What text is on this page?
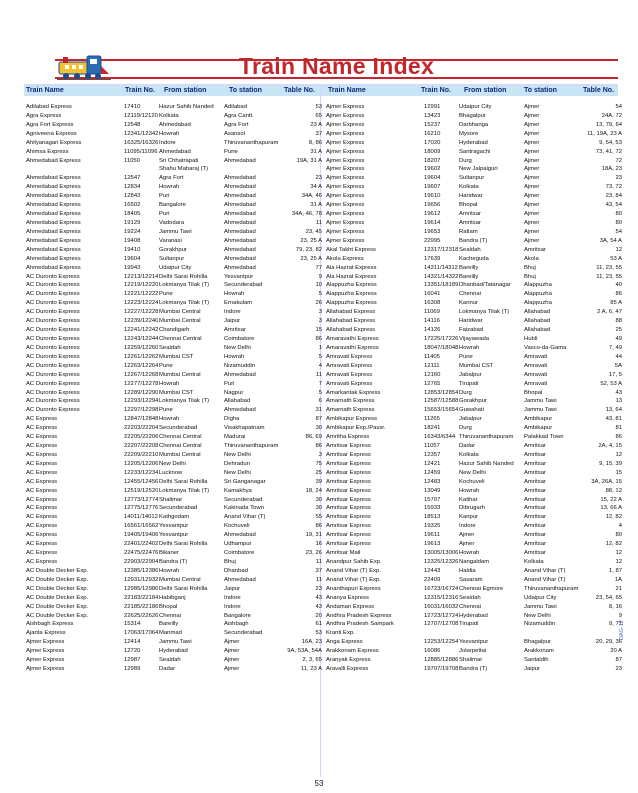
Train Name Index
Train Name	Train No. From station	To station	Table No. Train Name	Train No. From station	To station	Table No.
Adilabad Express	17410	Hazur Sahib Nanded	Adilabad	53
Agra Express	12119/12120 Kolkata	Agra Cantt.	65
Agra Fort Express	12548	Ahmedabad	Agra Fort	23 A
Agniveena Express	12341/12342 Howrah	Asansol	37
Ahilyanagari Express	16325/16326 Indore	Thiruvananthapuram	8, 86
Ahimsa Express	11095/11096 Ahmedabad	Pune	31 A
Ahmedabad Express	11050	Sri Chhatrapati	Ahmedabad	19A, 31 A
Shahu Maharaj (T)
Ahmedabad Express	12547	Agra Fort	Ahmedabad	23
Ahmedabad Express	12834	Howrah	Ahmedabad	34 A
Ahmedabad Express	12843	Puri	Ahmedabad	34A, 46
Ahmedabad Express	16502	Bangalore	Ahmedabad	31 A
Ahmedabad Express	18405	Puri	Ahmedabad	34A, 46, 78
Ahmedabad Express	19129	Vadodara	Ahmedabad	11
Ahmedabad Express	19224	Jammu Tawi	Ahmedabad	23, 45
Ahmedabad Express	19408	Varanasi	Ahmedabad	23, 25 A
Ahmedabad Express	19410	Gorakhpur	Ahmedabad	79, 23, 82
Ahmedabad Express	19604	Sultanpur	Ahmedabad	23, 25 A
Ahmedabad Express	19943	Udaipur City	Ahmedabad	77
AC Duronto Express	12213/12214 Delhi Sarai Rohilla	Yesvantpur	9
AC Duronto Express	12219/12220 Lokmanya Tilak (T)	Secunderabad	10
AC Duronto Express	12221/12222 Pune	Howrah	5
AC Duronto Express	12223/12224 Lokmanya Tilak (T)	Ernakulam	26
AC Duronto Express	12227/12228 Mumbai Central	Indore	3
AC Duronto Express	12239/12240 Mumbai Central	Jaipur	3
AC Duronto Express	12241/12242 Chandigarh	Amritsar	15
AC Duronto Express	12243/12244 Chennai Central	Coimbatore	86
AC Duronto Express	12259/12260 Sealdah	New Delhi	1
AC Duronto Express	12261/12262 Mumbai CST	Howrah	5
AC Duronto Express	12263/12264 Pune	Nizamuddin	4
AC Duronto Express	12267/12268 Mumbai Central	Ahmedabad	11
AC Duronto Express	12277/12278 Howrah	Puri	7
AC Duronto Express	12289/12290 Mumbai CST	Nagpur	5
AC Duronto Express	12293/12294 Lokmanya Tilak (T)	Allahabad	6
AC Duronto Express	12297/12298 Pune	Ahmedabad	31
AC Express	12847/12848 Howrah	Digha	87
AC Express	22203/22204 Secunderabad	Visakhapatnam	30
AC Express	22205/22206 Chennai Central	Madurai	86, 69
AC Express	22207/22208 Chennai Central	Thiruvananthapuram	86
AC Express	22209/22210 Mumbai Central	New Delhi	3
AC Express	12205/12206 New Delhi	Dehradun	75
AC Express	12233/12234 Lucknow	New Delhi	25
AC Express	12455/12456 Delhi Sarai Rohilla	Sri Ganganagar	39
AC Express	12519/12520 Lokmanya Tilak (T)	Kamakhya	18, 24
AC Express	12773/12774 Shalimar	Secunderabad	30
AC Express	12775/12776 Secunderabad	Kakinada Town	30
AC Express	14011/14012 Kathgodam	Anand Vihar (T)	55
AC Express	16561/16562 Yesvantpur	Kochuveli	86
AC Express	19405/19406 Yesvantpur	Ahmedabad	19, 31
AC Express	22401/22402 Delhi Sarai Rohilla	Udhampur	16
AC Express	22475/22476 Bikaner	Coimbatore	23, 26
AC Express	22903/22904 Bandra (T)	Bhuj	11
AC Double Decker Exp.	12385/12386 Howrah	Dhanbad	37
AC Double Decker Exp.	12931/12932 Mumbai Central	Ahmedabad	11
AC Double Decker Exp.	12985/12986 Delhi Sarai Rohilla	Jaipur	23
AC Double Decker Exp.	22183/22184 Habibganj	Indore	43
AC Double Decker Exp.	22185/22186 Bhopal	Indore	43
AC Double Decker Exp.	22625/22626 Chennai	Bangalore	20
Aishbagh Express	15314	Bareilly	Aishbagh	61
Ajanta Express	17063/17064 Manmad	Secunderabad	53
Ajmer Express	12414	Jammu Tawi	Ajmer	16A, 23
Ajmer Express	12720	Hyderabad	Ajmer	9A, 53A, 54A
Ajmer Express	12987	Sealdah	Ajmer	2, 3, 65
Ajmer Express	12989	Dadar	Ajmer	11, 23 A
Ajmer Express	12991	Udaipur City	Ajmer	54
Ajmer Express	13423	Bhagalpur	Ajmer	24A, 72
Ajmer Express	15237	Darbhanga	Ajmer	13, 79, 64
Ajmer Express	16210	Mysore	Ajmer	11, 19A, 23 A
Ajmer Express	17020	Hyderabad	Ajmer	9, 54, 53
Ajmer Express	18009	Santragachi	Ajmer	73, 41, 72
Ajmer Express	18207	Durg	Ajmer	72
Ajmer Express	19602	New Jalpaiguri	Ajmer	18A, 23
Ajmer Express	19604	Sultanpur	Ajmer	23
Ajmer Express	19607	Kolkata	Ajmer	73, 72
Ajmer Express	19610	Haridwar	Ajmer	23, 84
Ajmer Express	19656	Bhopal	Ajmer	43, 54
Ajmer Express	19612	Amritsar	Ajmer	80
Ajmer Express	19614	Amritsar	Ajmer	80
Ajmer Express	19653	Ratlam	Ajmer	54
Ajmer Express	22995	Bandra (T)	Ajmer	3A, 54 A
Akal Takht Express	12317/12318 Sealdah	Amritsar	12
Akola Express	17639	Kacheguda	Akola	53 A
Ala Hazrat Express	14311/14312 Bareilly	Bhuj	11, 23, 55
Ala Hazrat Express	14321/14322 Bareilly	Bhuj	11, 23, 55
Alappuzha Express	13351/18189 Dhanbad/Tatanagar	Alappuzha	40
Alappuzha Express	16041	Chennai	Alappuzha	86
Alappuzha Express	16308	Kannur	Alappuzha	85 A
Allahabad Express	11069	Lokmanya Tilak (T)	Allahabad	2 A, 6, 47
Allahabad Express	14116	Haridwar	Allahabad	88
Allahabad Express	14126	Faizabad	Allahabad	25
Amaravathi Express	17225/17226 Vijayawada	Hubli	49
Amaravathi Express	18047/18048 Howrah	Vasco-da-Gama	7, 49
Amravati Express	11405	Pune	Amravati	44
Amravati Express	12111	Mumbai CST	Amravati	5A
Amravati Express	12160	Jabalpur	Amravati	17, 5
Amravati Express	12765	Tirupati	Amravati	52, 53 A
Amarkantak Express	12853/12854 Durg	Bhopal	43
Amarnath Express	12587/12588 Gorakhpur	Jammu Tawi	13
Amarnath Express	15653/15654 Guwahati	Jammu Tawi	13, 64
Ambikapur Express	11265	Jabalpur	Ambikapur	43, 81
Ambikapur Exp./Passr.	18241	Durg	Ambikapur	81
Amritha Express	16343/6344 Thiruvananthapuram	Palakkad Town	86
Amritsar Express	11057	Dadar	Amritsar	2A, 4, 15
Amritsar Express	12357	Kolkata	Amritsar	12
Amritsar Express	12421	Hazur Sahib Nanded	Amritsar	9, 15, 39
Amritsar Express	12459	New Delhi	Amritsar	15
Amritsar Express	12483	Kochuveli	Amritsar	3A, 26A, 15
Amritsar Express	13049	Howrah	Amritsar	88, 12
Amritsar Express	15707	Katihar	Amritsar	15, 22 A
Amritsar Express	15933	Dibrugarh	Amritsar	13, 66 A
Amritsar Express	18513	Kanpur	Amritsar	12, 82
Amritsar Express	19325	Indore	Amritsar	4
Amritsar Express	19611	Ajmer	Amritsar	80
Amritsar Express	19613	Ajmer	Amritsar	12, 82
Amritsar Mail	13005/13006 Howrah	Amritsar	12
Anandpur Sahib Exp.	12325/12326 Nangaldam	Kolkata	12
Anand Vihar (T) Exp.	12443	Haldia	Anand Vihar (T)	1, 87
Anand Vihar (T) Exp.	22409	Sasaram	Anand Vihar (T)	1A
Ananthapuri Express	16723/16724 Chennai Egmore	Thiruvananthapuram	21
Ananya Express	12315/12316 Sealdah	Udaipur City	23, 54, 65
Andaman Express	16031/16032 Chennai	Jammu Tawi	8, 16
Andhra Pradesh Express	12723/12724 Hyderabad	New Delhi	9
Andhra Pradesh Sampark	12707/12708 Tirupati	Nizamuddin	9, 71
Kranti Exp.
Anga Express	12253/12254 Yesvantpur	Bhagalpur	20, 29, 36
Arakkonam Express	16086	Jolarpettai	Arakkonam	20 A
Aranyak Express	12885/12886 Shalimar	Santaldih	87
Aravalli Express	19707/19708 Bandra (T)	Jaipur	23
53
DAG-12
